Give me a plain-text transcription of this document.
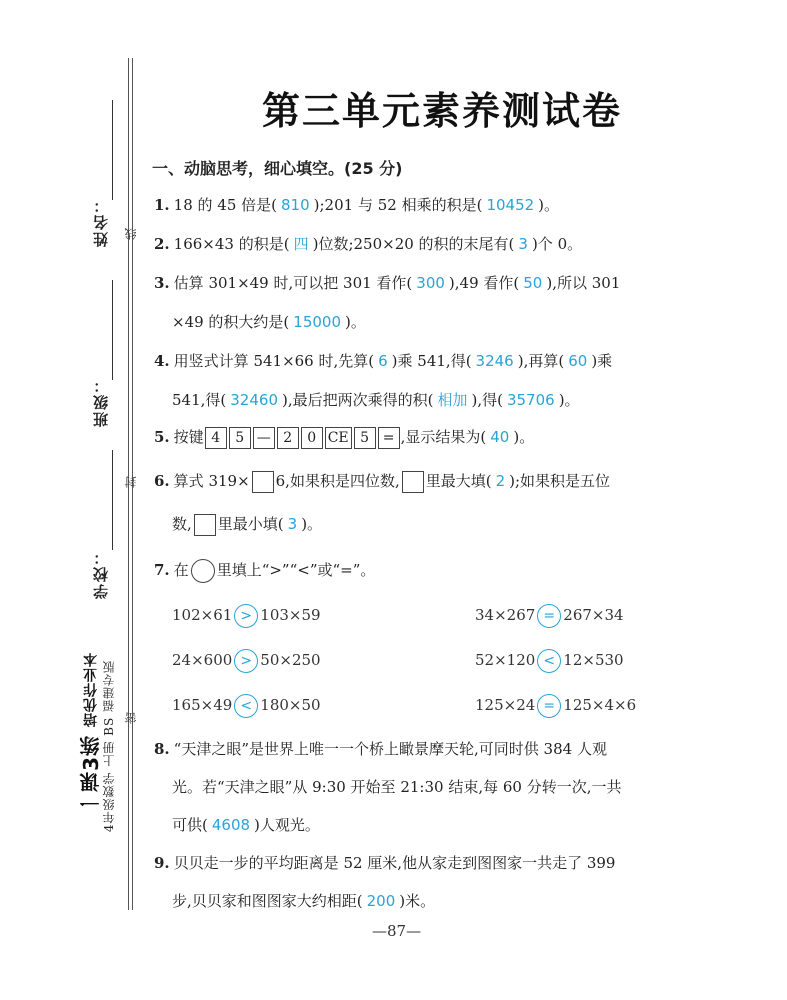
姓名： 线
班级：
封
学校：
密
一课3练 培优作业本 4年级数学 上册 BS 福建专版
第三单元素养测试卷
一、动脑思考，细心填空。(25 分)
1. 18 的 45 倍是( 810 );201 与 52 相乘的积是( 10452 )。
2. 166×43 的积是( 四 )位数;250×20 的积的末尾有( 3 )个 0。
3. 估算 301×49 时,可以把 301 看作( 300 ),49 看作( 50 ),所以 301
×49 的积大约是( 15000 )。
4. 用竖式计算 541×66 时,先算( 6 )乘 541,得( 3246 ),再算( 60 )乘
541,得( 32460 ),最后把两次乘得的积( 相加 ),得( 35706 )。
5. 按键 4 5 — 2 0 CE 5 = ,显示结果为( 40 )。
6. 算式 319× 6,如果积是四位数, 里最大填( 2 );如果积是五位
数, 里最小填( 3 )。
7. 在 里填上“>”“<”或“=”。
102×61 > 103×59	34×267 = 267×34
24×600 > 50×250	52×120 < 12×530
165×49 < 180×50	125×24 = 125×4×6
8. “天津之眼”是世界上唯一一个桥上瞰景摩天轮,可同时供 384 人观
光。若“天津之眼”从 9:30 开始至 21:30 结束,每 60 分转一次,一共
可供( 4608 )人观光。
9. 贝贝走一步的平均距离是 52 厘米,他从家走到图图家一共走了 399
步,贝贝家和图图家大约相距( 200 )米。
—87—
